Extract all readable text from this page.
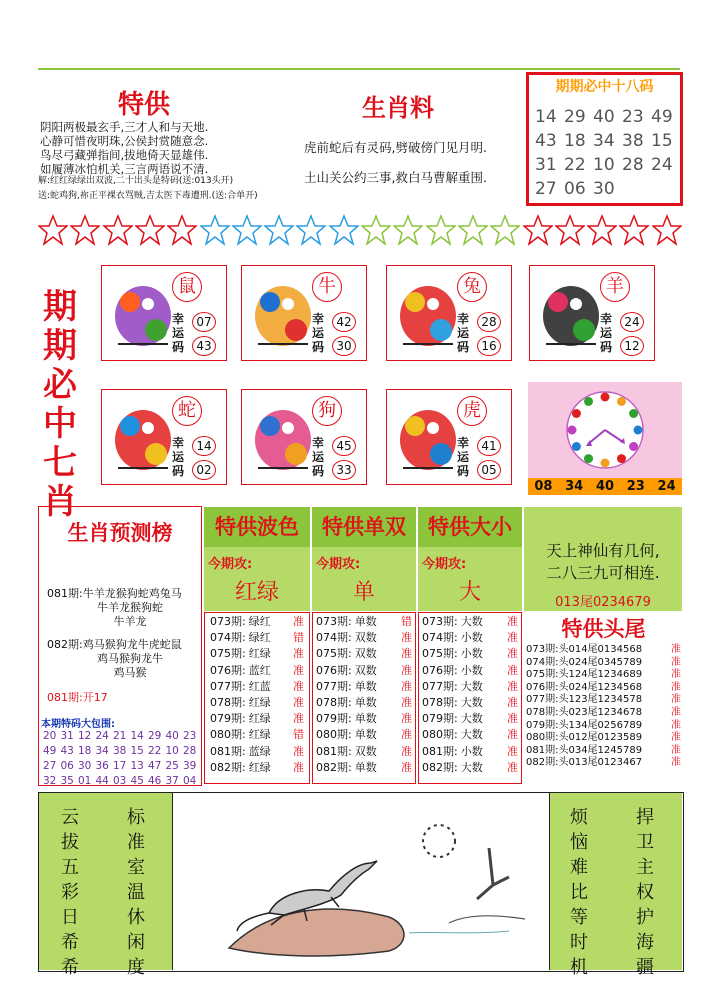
特供
阴阳两极最玄手,三才人和与天地.
心静可惜夜明珠,公侯封赏随意念.
鸟尽弓藏弹指间,拔地倚天显雄伟.
如履薄冰怕机关,三言两语说不清.
解:红红绿绿出双波,二十出头是特码(送:013头开)
送:蛇鸡狗,祢正平裸衣骂贼,吉太医下毒遭刑.(送:合单开)
生肖料
虎前蛇后有灵码,劈破傍门见月明.
土山关公约三事,救白马曹解重围.
期期必中十八码
14 29 40 23 49
43 18 34 38 15
31 22 10 28 24
27 06 30
期
期
必
中
七
肖
鼠
幸运码
07
43
牛
幸运码
42
30
兔
幸运码
28
16
羊
幸运码
24
12
蛇
幸运码
14
02
狗
幸运码
45
33
虎
幸运码
41
05
08 34 40 23 24
生肖预测榜
081期:牛羊龙猴狗蛇鸡兔马
牛羊龙猴狗蛇
牛羊龙
082期:鸡马猴狗龙牛虎蛇鼠
鸡马猴狗龙牛
鸡马猴
081期:开17
本期特码大包围:
20 31 12 24 21 14 29 40 23
49 43 18 34 38 15 22 10 28
27 06 30 36 17 13 47 25 39
32 35 01 44 03 45 46 37 04
特供波色	特供单双	特供大小
今期攻:
红绿
今期攻:
单
今期攻:
大
073期: 绿红 准
074期: 绿红 错
075期: 红绿 准
076期: 蓝红 准
077期: 红蓝 准
078期: 红绿 准
079期: 红绿 准
080期: 红绿 错
081期: 蓝绿 准
082期: 红绿 准
073期: 单数 错
074期: 双数 准
075期: 双数 准
076期: 双数 准
077期: 单数 准
078期: 单数 准
079期: 单数 准
080期: 单数 准
081期: 双数 准
082期: 单数 准
073期: 大数 准
074期: 小数 准
075期: 小数 准
076期: 小数 准
077期: 大数 准
078期: 大数 准
079期: 大数 准
080期: 大数 准
081期: 小数 准
082期: 大数 准
天上神仙有几何,
二八三九可相连.
013尾0234679
特供头尾
073期: 头014尾0134568	准
074期: 头024尾0345789	准
075期: 头124尾1234689	准
076期: 头024尾1234568	准
077期: 头123尾1234578	准
078期: 头023尾1234678	准
079期: 头134尾0256789	准
080期: 头012尾0123589	准
081期: 头034尾1245789	准
082期: 头013尾0123467	准
云
拔
五
彩
日
希
希
标
准
室
温
休
闲
度
烦
恼
难
比
等
时
机
捍
卫
主
权
护
海
疆
